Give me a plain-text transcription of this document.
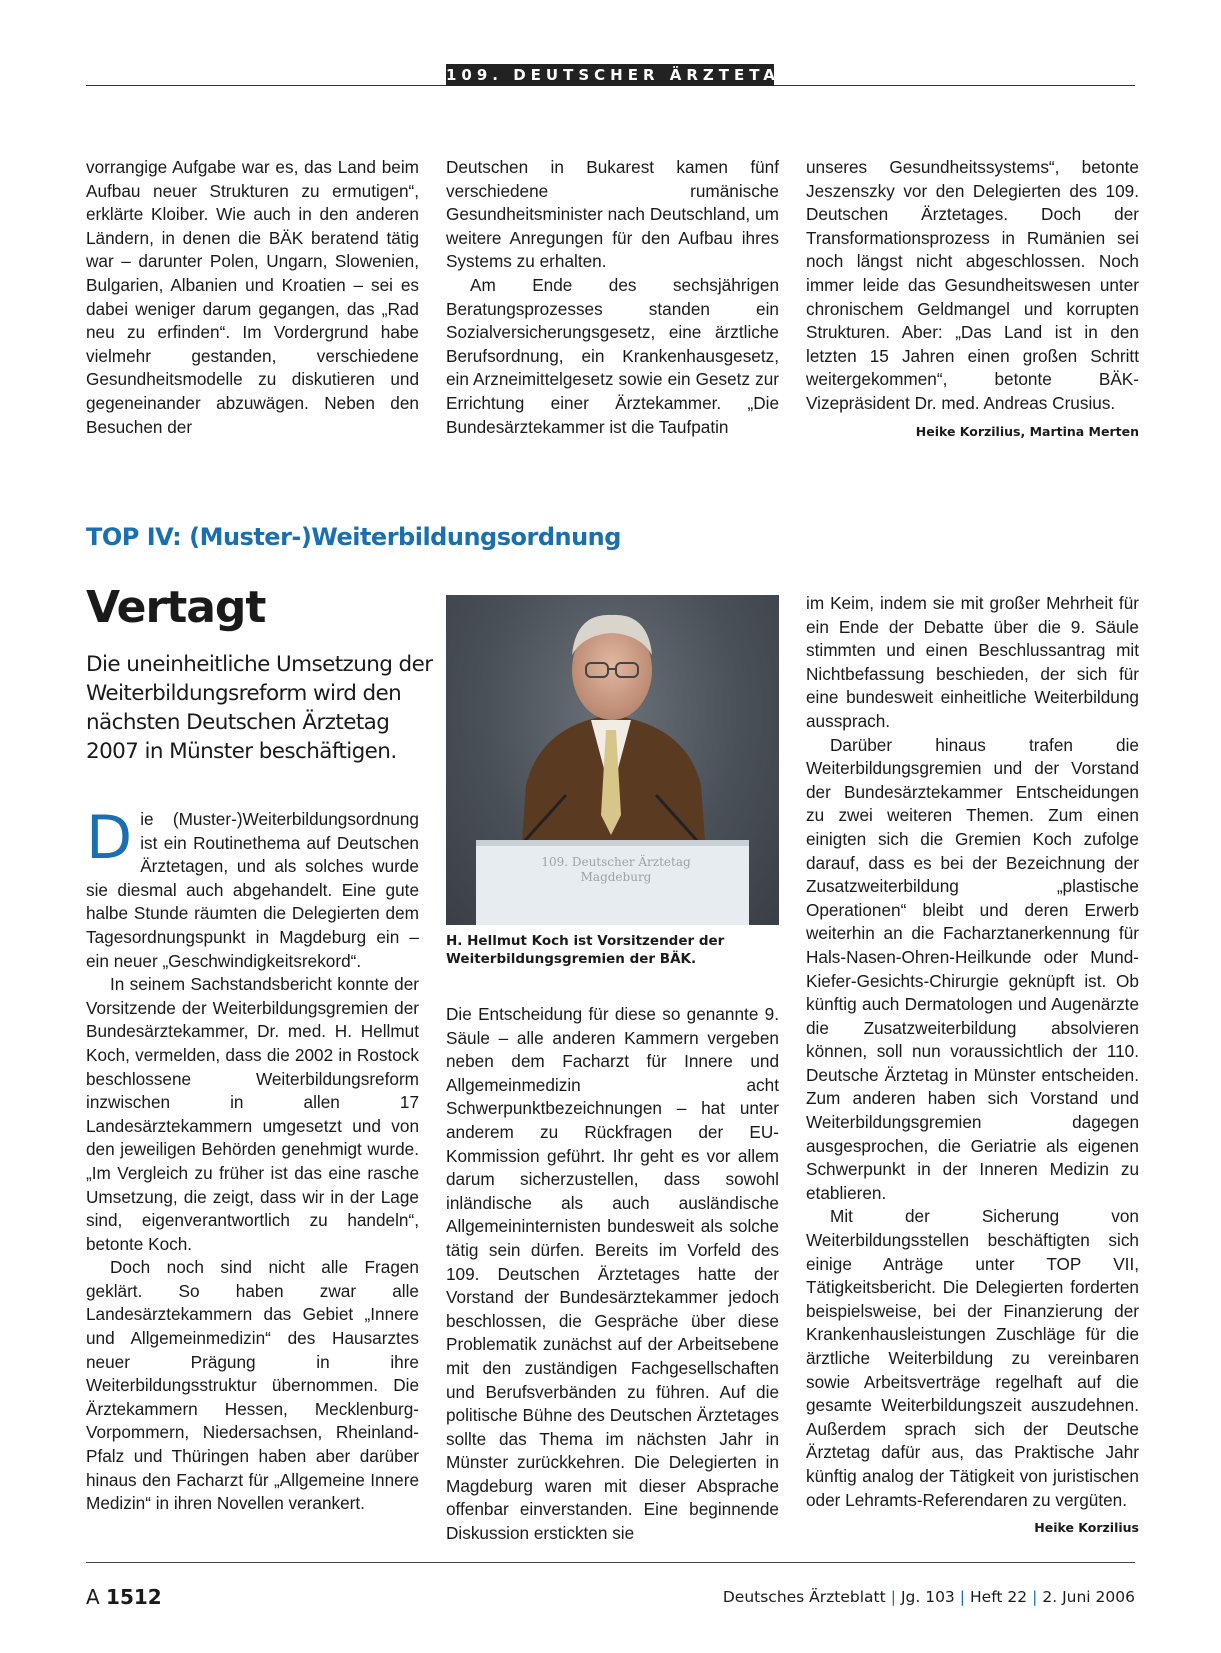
109. DEUTSCHER ÄRZTETAG

vorrangige Aufgabe war es, das Land beim Aufbau neuer Strukturen zu ermutigen“, erklärte Kloiber. Wie auch in den anderen Ländern, in denen die BÄK beratend tätig war – darunter Polen, Ungarn, Slowenien, Bulgarien, Albanien und Kroatien – sei es dabei weniger darum gegangen, das „Rad neu zu erfinden“. Im Vordergrund habe vielmehr gestanden, verschiedene Gesundheitsmodelle zu diskutieren und gegeneinander abzuwägen. Neben den Besuchen der

Deutschen in Bukarest kamen fünf verschiedene rumänische Gesundheitsminister nach Deutschland, um weitere Anregungen für den Aufbau ihres Systems zu erhalten.

Am Ende des sechsjährigen Beratungsprozesses standen ein Sozialversicherungsgesetz, eine ärztliche Berufsordnung, ein Krankenhausgesetz, ein Arzneimittelgesetz sowie ein Gesetz zur Errichtung einer Ärztekammer. „Die Bundesärztekammer ist die Taufpatin

unseres Gesundheitssystems“, betonte Jeszenszky vor den Delegierten des 109. Deutschen Ärztetages. Doch der Transformationsprozess in Rumänien sei noch längst nicht abgeschlossen. Noch immer leide das Gesundheitswesen unter chronischem Geldmangel und korrupten Strukturen. Aber: „Das Land ist in den letzten 15 Jahren einen großen Schritt weitergekommen“, betonte BÄK-Vizepräsident Dr. med. Andreas Crusius.
Heike Korzilius, Martina Merten

TOP IV: (Muster-)Weiterbildungsordnung
Vertagt
Die uneinheitliche Umsetzung der Weiterbildungsreform wird den nächsten Deutschen Ärztetag 2007 in Münster beschäftigen.

Die (Muster-)Weiterbildungsordnung ist ein Routinethema auf Deutschen Ärztetagen, und als solches wurde sie diesmal auch abgehandelt. Eine gute halbe Stunde räumten die Delegierten dem Tagesordnungspunkt in Magdeburg ein – ein neuer „Geschwindigkeitsrekord“.

In seinem Sachstandsbericht konnte der Vorsitzende der Weiterbildungsgremien der Bundesärztekammer, Dr. med. H. Hellmut Koch, vermelden, dass die 2002 in Rostock beschlossene Weiterbildungsreform inzwischen in allen 17 Landesärztekammern umgesetzt und von den jeweiligen Behörden genehmigt wurde. „Im Vergleich zu früher ist das eine rasche Umsetzung, die zeigt, dass wir in der Lage sind, eigenverantwortlich zu handeln“, betonte Koch.

Doch noch sind nicht alle Fragen geklärt. So haben zwar alle Landesärztekammern das Gebiet „Innere und Allgemeinmedizin“ des Hausarztes neuer Prägung in ihre Weiterbildungsstruktur übernommen. Die Ärztekammern Hessen, Mecklenburg-Vorpommern, Niedersachsen, Rheinland-Pfalz und Thüringen haben aber darüber hinaus den Facharzt für „Allgemeine Innere Medizin“ in ihren Novellen verankert.

109. Deutscher Ärztetag Magdeburg
H. Hellmut Koch ist Vorsitzender der Weiterbildungsgremien der BÄK.

Die Entscheidung für diese so genannte 9. Säule – alle anderen Kammern vergeben neben dem Facharzt für Innere und Allgemeinmedizin acht Schwerpunktbezeichnungen – hat unter anderem zu Rückfragen der EU-Kommission geführt. Ihr geht es vor allem darum sicherzustellen, dass sowohl inländische als auch ausländische Allgemeininternisten bundesweit als solche tätig sein dürfen. Bereits im Vorfeld des 109. Deutschen Ärztetages hatte der Vorstand der Bundesärztekammer jedoch beschlossen, die Gespräche über diese Problematik zunächst auf der Arbeitsebene mit den zuständigen Fachgesellschaften und Berufsverbänden zu führen. Auf die politische Bühne des Deutschen Ärztetages sollte das Thema im nächsten Jahr in Münster zurückkehren. Die Delegierten in Magdeburg waren mit dieser Absprache offenbar einverstanden. Eine beginnende Diskussion erstickten sie

im Keim, indem sie mit großer Mehrheit für ein Ende der Debatte über die 9. Säule stimmten und einen Beschlussantrag mit Nichtbefassung beschieden, der sich für eine bundesweit einheitliche Weiterbildung aussprach.

Darüber hinaus trafen die Weiterbildungsgremien und der Vorstand der Bundesärztekammer Entscheidungen zu zwei weiteren Themen. Zum einen einigten sich die Gremien Koch zufolge darauf, dass es bei der Bezeichnung der Zusatzweiterbildung „plastische Operationen“ bleibt und deren Erwerb weiterhin an die Facharztanerkennung für Hals-Nasen-Ohren-Heilkunde oder Mund-Kiefer-Gesichts-Chirurgie geknüpft ist. Ob künftig auch Dermatologen und Augenärzte die Zusatzweiterbildung absolvieren können, soll nun voraussichtlich der 110. Deutsche Ärztetag in Münster entscheiden. Zum anderen haben sich Vorstand und Weiterbildungsgremien dagegen ausgesprochen, die Geriatrie als eigenen Schwerpunkt in der Inneren Medizin zu etablieren.

Mit der Sicherung von Weiterbildungsstellen beschäftigten sich einige Anträge unter TOP VII, Tätigkeitsbericht. Die Delegierten forderten beispielsweise, bei der Finanzierung der Krankenhausleistungen Zuschläge für die ärztliche Weiterbildung zu vereinbaren sowie Arbeitsverträge regelhaft auf die gesamte Weiterbildungszeit auszudehnen. Außerdem sprach sich der Deutsche Ärztetag dafür aus, das Praktische Jahr künftig analog der Tätigkeit von juristischen oder Lehramts-Referendaren zu vergüten.
Heike Korzilius

A 1512	Deutsches Ärzteblatt | Jg. 103 | Heft 22 | 2. Juni 2006
